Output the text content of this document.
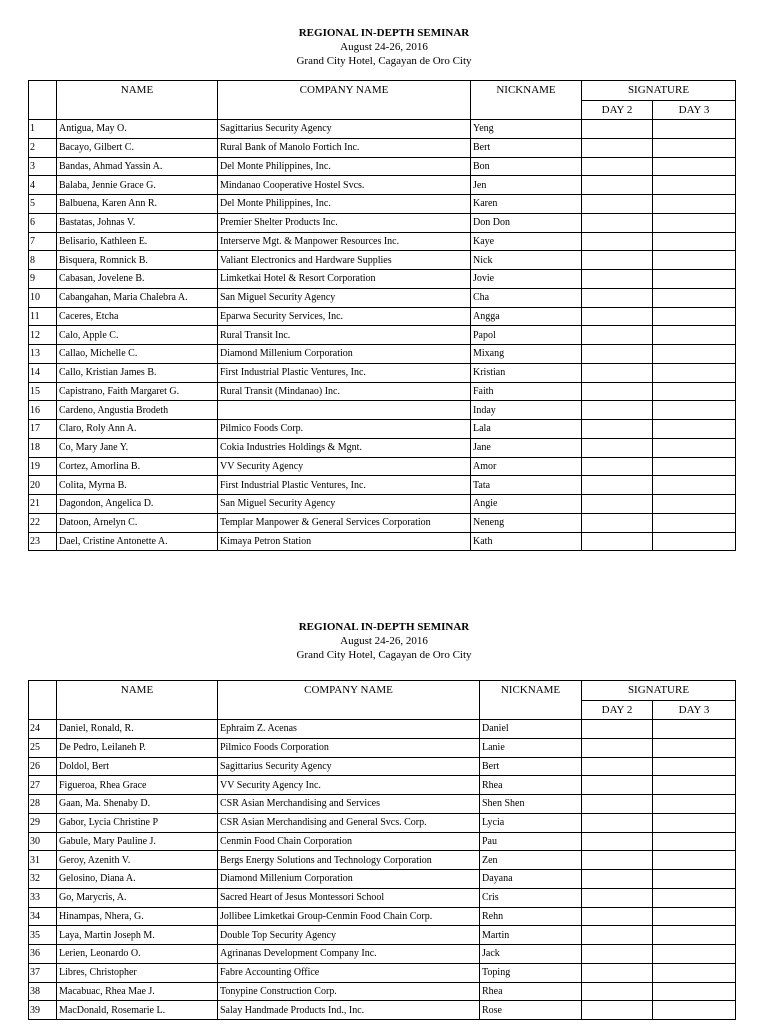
REGIONAL IN-DEPTH SEMINAR
August 24-26, 2016
Grand City Hotel, Cagayan de Oro City
	NAME	COMPANY NAME	NICKNAME	SIGNATURE	
				DAY 2	DAY 3
1	Antigua, May O.	Sagittarius Security Agency	Yeng		
2	Bacayo, Gilbert C.	Rural Bank of Manolo Fortich Inc.	Bert		
3	Bandas, Ahmad Yassin A.	Del Monte Philippines, Inc.	Bon		
4	Balaba, Jennie Grace G.	Mindanao Cooperative Hostel Svcs.	Jen		
5	Balbuena, Karen Ann R.	Del Monte Philippines, Inc.	Karen		
6	Bastatas, Johnas V.	Premier Shelter Products Inc.	Don Don		
7	Belisario, Kathleen E.	Interserve Mgt. & Manpower Resources Inc.	Kaye		
8	Bisquera, Romnick B.	Valiant Electronics and Hardware Supplies	Nick		
9	Cabasan, Jovelene B.	Limketkai Hotel & Resort Corporation	Jovie		
10	Cabangahan, Maria Chalebra A.	San Miguel Security Agency	Cha		
11	Caceres, Etcha	Eparwa Security Services, Inc.	Angga		
12	Calo, Apple C.	Rural Transit Inc.	Papol		
13	Callao, Michelle C.	Diamond Millenium Corporation	Mixang		
14	Callo, Kristian James B.	First Industrial Plastic Ventures, Inc.	Kristian		
15	Capistrano, Faith Margaret G.	Rural Transit (Mindanao) Inc.	Faith		
16	Cardeno, Angustia Brodeth		Inday		
17	Claro, Roly Ann A.	Pilmico Foods Corp.	Lala		
18	Co, Mary Jane Y.	Cokia Industries Holdings & Mgnt.	Jane		
19	Cortez, Amorlina B.	VV Security Agency	Amor		
20	Colita, Myrna B.	First Industrial Plastic Ventures, Inc.	Tata		
21	Dagondon, Angelica D.	San Miguel Security Agency	Angie		
22	Datoon, Arnelyn C.	Templar Manpower & General Services Corporation	Neneng		
23	Dael, Cristine Antonette A.	Kimaya Petron Station	Kath		
REGIONAL IN-DEPTH SEMINAR
August 24-26, 2016
Grand City Hotel, Cagayan de Oro City
	NAME	COMPANY NAME	NICKNAME	SIGNATURE	
				DAY 2	DAY 3
24	Daniel, Ronald, R.	Ephraim Z. Acenas	Daniel		
25	De Pedro, Leilaneh P.	Pilmico Foods Corporation	Lanie		
26	Doldol, Bert	Sagittarius Security Agency	Bert		
27	Figueroa, Rhea Grace	VV Security Agency Inc.	Rhea		
28	Gaan, Ma. Shenaby D.	CSR Asian Merchandising and Services	Shen Shen		
29	Gabor, Lycia Christine P	CSR Asian Merchandising and General Svcs. Corp.	Lycia		
30	Gabule, Mary Pauline J.	Cenmin Food Chain Corporation	Pau		
31	Geroy, Azenith V.	Bergs Energy Solutions and Technology Corporation	Zen		
32	Gelosino, Diana A.	Diamond Millenium Corporation	Dayana		
33	Go, Marycris, A.	Sacred Heart of Jesus Montessori School	Cris		
34	Hinampas, Nhera, G.	Jollibee Limketkai Group-Cenmin Food Chain Corp.	Rehn		
35	Laya, Martin Joseph M.	Double Top Security Agency	Martin		
36	Lerien, Leonardo O.	Agrinanas Development Company Inc.	Jack		
37	Libres, Christopher	Fabre Accounting Office	Toping		
38	Macabuac, Rhea Mae J.	Tonypine Construction Corp.	Rhea		
39	MacDonald, Rosemarie L.	Salay Handmade Products Ind., Inc.	Rose		
